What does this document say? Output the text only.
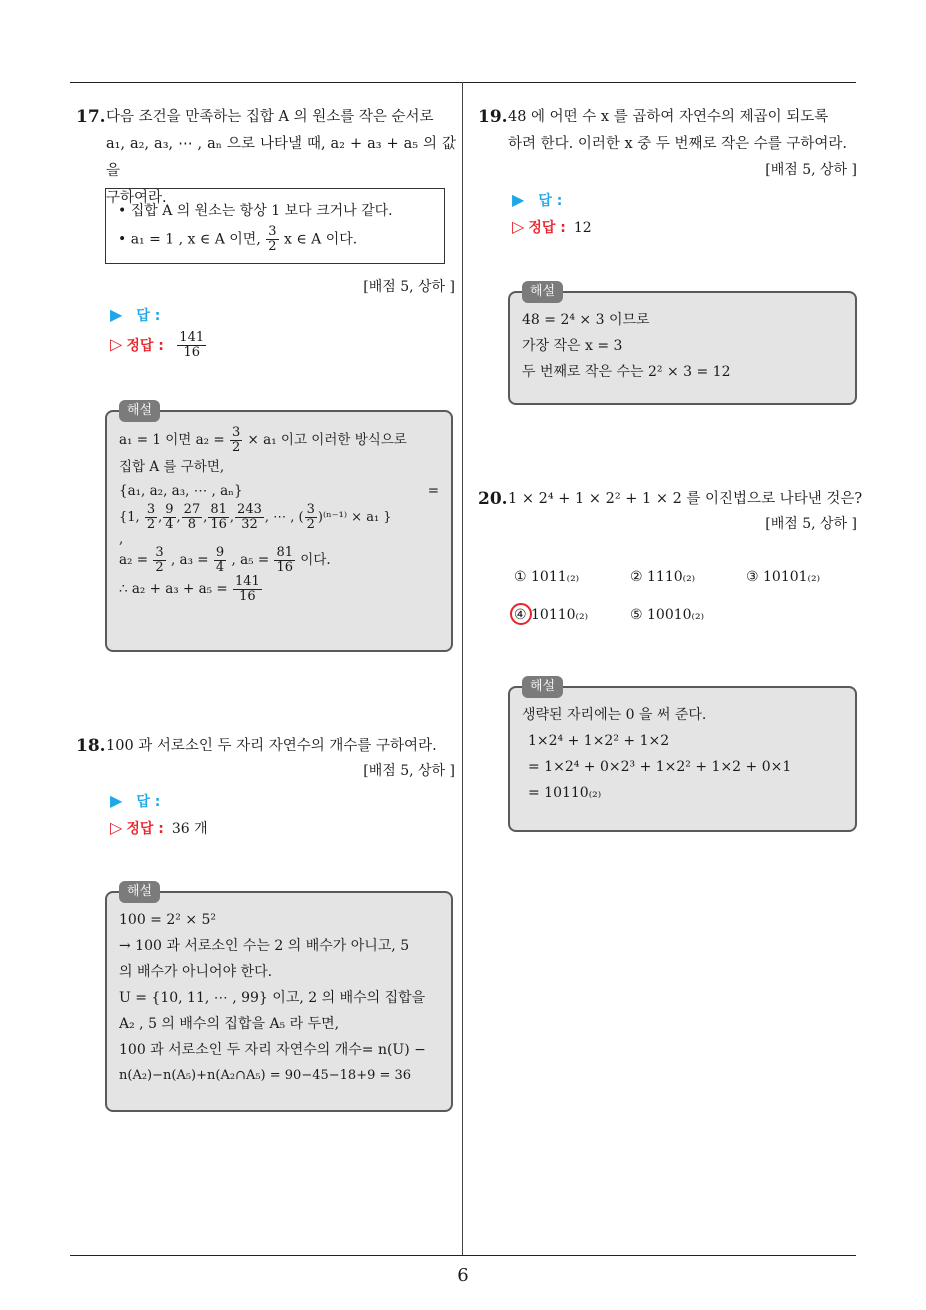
6
17. 다음 조건을 만족하는 집합 A 의 원소를 작은 순서로
a₁, a₂, a₃, ⋯ , aₙ 으로 나타낼 때, a₂ + a₃ + a₅ 의 값을
구하여라.
• 집합 A 의 원소는 항상 1 보다 크거나 같다.
• a₁ = 1 , x ∈ A 이면, $\frac{3}{2}$ x ∈ A 이다.
[배점 5, 상하 ]
▶ 답 :
▷ 정답 : $\frac{141}{16}$
해설
a₁ = 1 이면 $a_2 = \frac{3}{2} \times a_1$ 이고 이러한 방식으로
집합 A 를 구하면,
{a₁, a₂, a₃, ⋯ , aₙ}	=
{1, $\frac{3}{2}$ , $\frac{9}{4}$ , $\frac{27}{8}$ , $\frac{81}{16}$ , $\frac{243}{32}$ , ⋯ , ( $\frac{3}{2} )^{(n-1)} \times a_1$ }
,
$a_2 = \frac{3}{2}$ , $a_3 = \frac{9}{4}$ , $a_5 = \frac{81}{16}$ 이다.
∴ $a_2 + a_3 + a_5 = \frac{141}{16}$
18. 100 과 서로소인 두 자리 자연수의 개수를 구하여라.
[배점 5, 상하 ]
▶ 답 :
▷ 정답 : 36 개
해설
100 = 2² × 5²
→ 100 과 서로소인 수는 2 의 배수가 아니고, 5
의 배수가 아니어야 한다.
U = {10, 11, ⋯ , 99} 이고, 2 의 배수의 집합을
A₂ , 5 의 배수의 집합을 A₅ 라 두면,
100 과 서로소인 두 자리 자연수의 개수= n(U) −
n(A₂)−n(A₅)+n(A₂∩A₅) = 90−45−18+9 = 36
19. 48 에 어떤 수 x 를 곱하여 자연수의 제곱이 되도록
하려 한다. 이러한 x 중 두 번째로 작은 수를 구하여라.
[배점 5, 상하 ]
▶ 답 :
▷ 정답 : 12
해설
48 = 2⁴ × 3 이므로
가장 작은 x = 3
두 번째로 작은 수는 2² × 3 = 12
20. 1 × 2⁴ + 1 × 2² + 1 × 2 를 이진법으로 나타낸 것은?
[배점 5, 상하 ]
① 1011₍₂₎	② 1110₍₂₎	③ 10101₍₂₎
④ 10110₍₂₎	⑤ 10010₍₂₎
해설
생략된 자리에는 0 을 써 준다.
1×2⁴ + 1×2² + 1×2
= 1×2⁴ + 0×2³ + 1×2² + 1×2 + 0×1
= 10110₍₂₎
